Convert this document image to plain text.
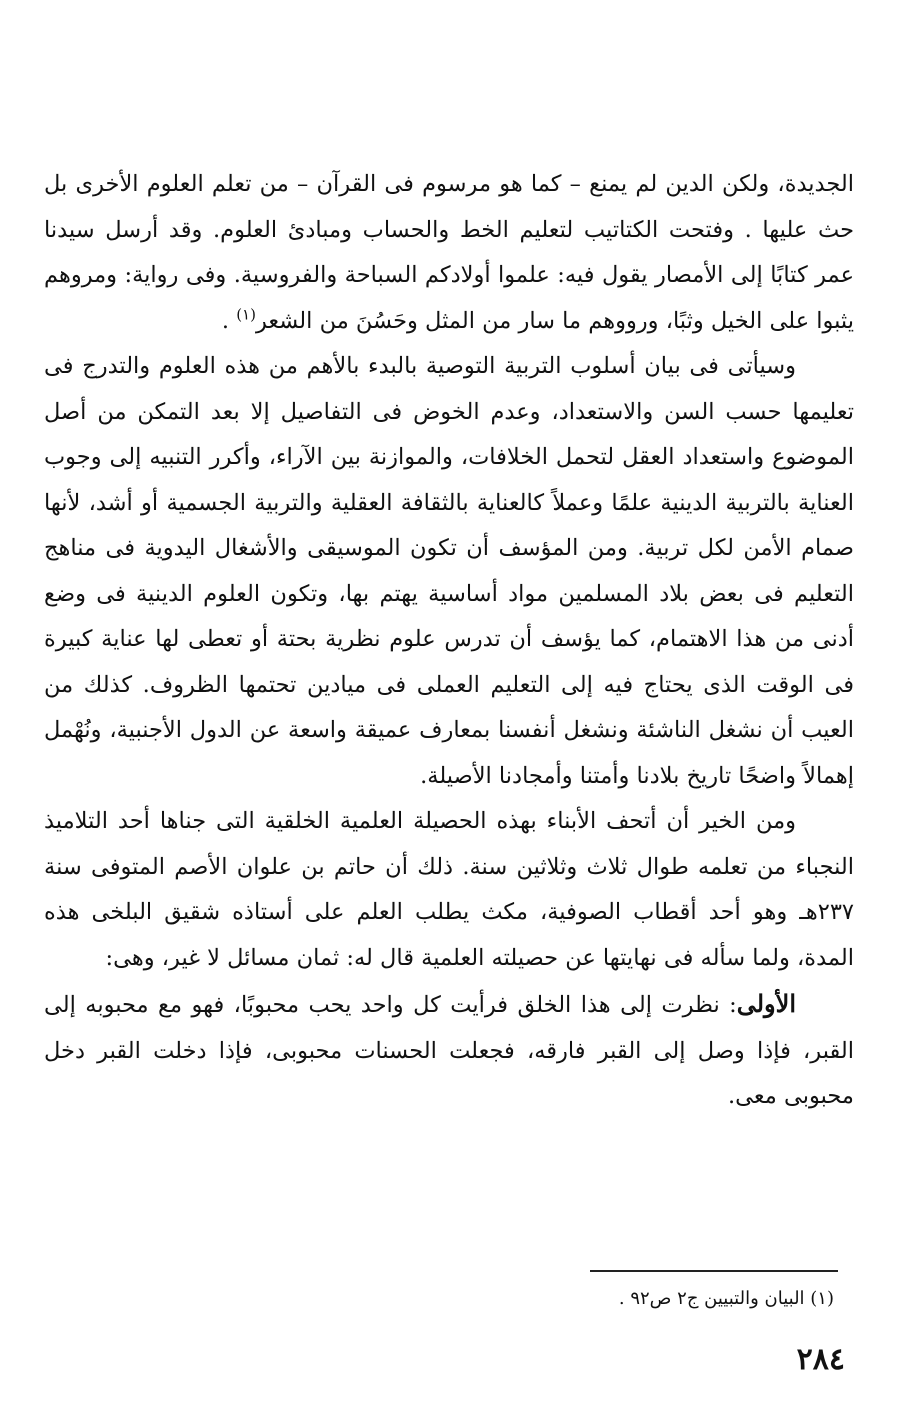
الجديدة، ولكن الدين لم يمنع – كما هو مرسوم فى القرآن – من تعلم العلوم الأخرى بل حث عليها . وفتحت الكتاتيب لتعليم الخط والحساب ومبادئ العلوم. وقد أرسل سيدنا عمر كتابًا إلى الأمصار يقول فيه: علموا أولادكم السباحة والفروسية. وفى رواية: ومروهم يثبوا على الخيل وثبًا، ورووهم ما سار من المثل وحَسُنَ من الشعر$^{(١)}$ .

وسيأتى فى بيان أسلوب التربية التوصية بالبدء بالأهم من هذه العلوم والتدرج فى تعليمها حسب السن والاستعداد، وعدم الخوض فى التفاصيل إلا بعد التمكن من أصل الموضوع واستعداد العقل لتحمل الخلافات، والموازنة بين الآراء، وأكرر التنبيه إلى وجوب العناية بالتربية الدينية علمًا وعملاً كالعناية بالثقافة العقلية والتربية الجسمية أو أشد، لأنها صمام الأمن لكل تربية. ومن المؤسف أن تكون الموسيقى والأشغال اليدوية فى مناهج التعليم فى بعض بلاد المسلمين مواد أساسية يهتم بها، وتكون العلوم الدينية فى وضع أدنى من هذا الاهتمام، كما يؤسف أن تدرس علوم نظرية بحتة أو تعطى لها عناية كبيرة فى الوقت الذى يحتاج فيه إلى التعليم العملى فى ميادين تحتمها الظروف. كذلك من العيب أن نشغل الناشئة ونشغل أنفسنا بمعارف عميقة واسعة عن الدول الأجنبية، ونُهْمل إهمالاً واضحًا تاريخ بلادنا وأمتنا وأمجادنا الأصيلة.

ومن الخير أن أتحف الأبناء بهذه الحصيلة العلمية الخلقية التى جناها أحد التلاميذ النجباء من تعلمه طوال ثلاث وثلاثين سنة. ذلك أن حاتم بن علوان الأصم المتوفى سنة ٢٣٧هـ وهو أحد أقطاب الصوفية، مكث يطلب العلم على أستاذه شقيق البلخى هذه المدة، ولما سأله فى نهايتها عن حصيلته العلمية قال له: ثمان مسائل لا غير، وهى:

الأولى: نظرت إلى هذا الخلق فرأيت كل واحد يحب محبوبًا، فهو مع محبوبه إلى القبر، فإذا وصل إلى القبر فارقه، فجعلت الحسنات محبوبى، فإذا دخلت القبر دخل محبوبى معى.

(١) البيان والتبيين ج٢ ص٩٢ .
٢٨٤
